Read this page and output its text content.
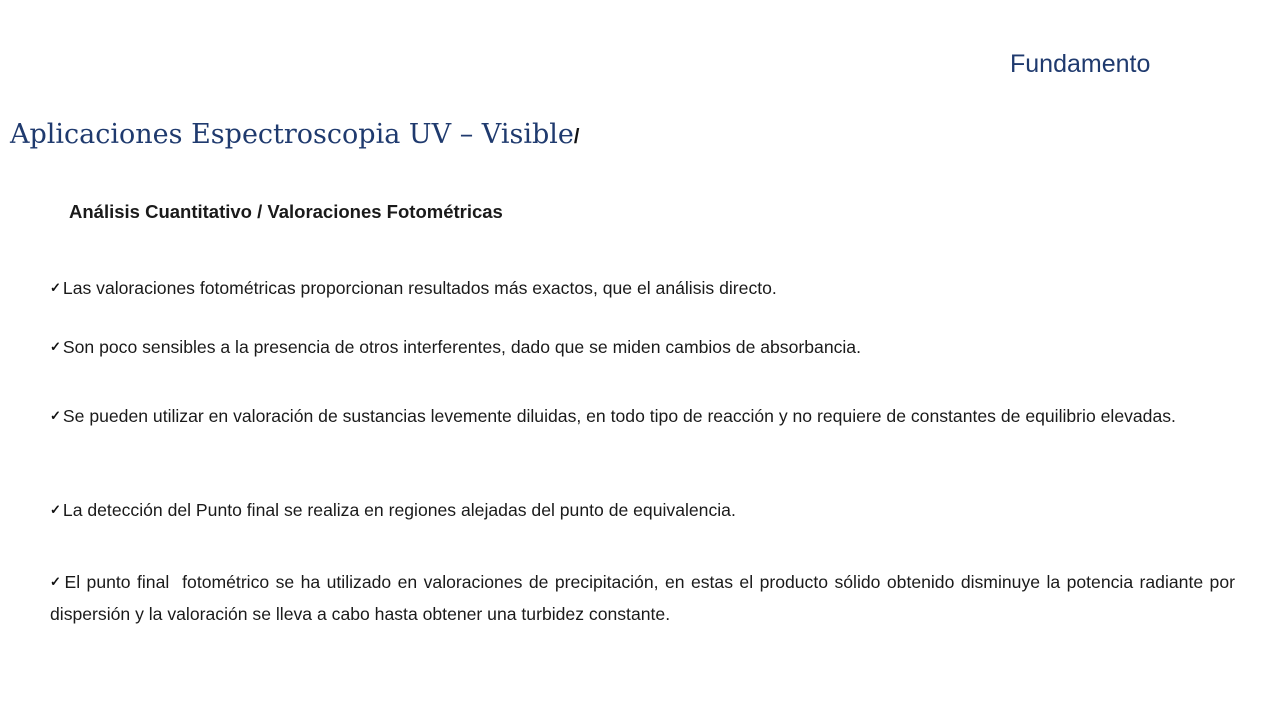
Fundamento
Aplicaciones Espectroscopia UV – Visible/
Análisis Cuantitativo / Valoraciones Fotométricas
✓ Las valoraciones fotométricas proporcionan resultados más exactos, que el análisis directo.
✓ Son poco sensibles a la presencia de otros interferentes, dado que se miden cambios de absorbancia.
✓ Se pueden utilizar en valoración de sustancias levemente diluidas, en todo tipo de reacción y no requiere de constantes de equilibrio elevadas.
✓ La detección del Punto final se realiza en regiones alejadas del punto de equivalencia.
✓ El punto final  fotométrico se ha utilizado en valoraciones de precipitación, en estas el producto sólido obtenido disminuye la potencia radiante por dispersión y la valoración se lleva a cabo hasta obtener una turbidez constante.
